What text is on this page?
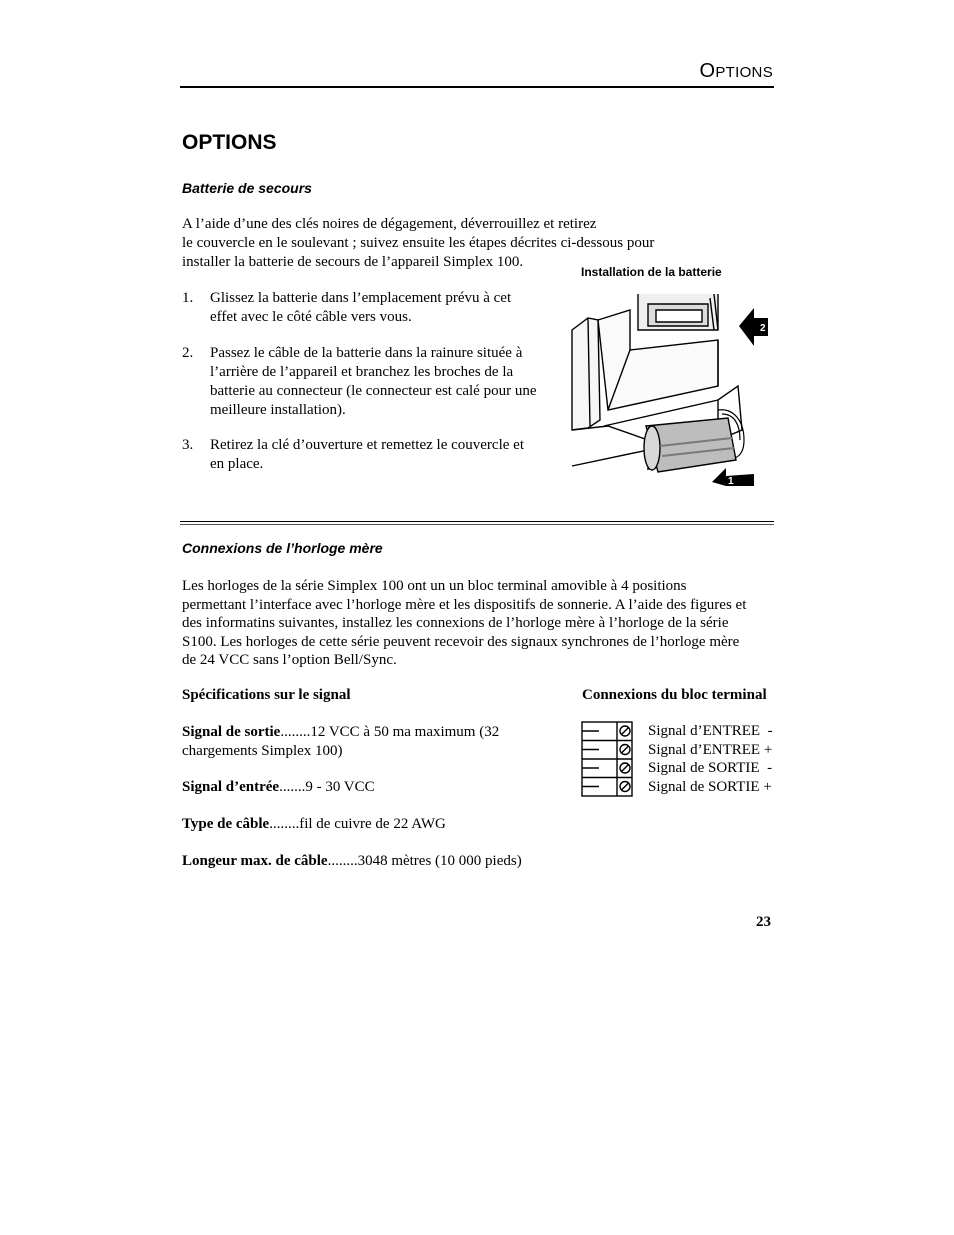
OPTIONS
OPTIONS
Batterie de secours
A l’aide d’une des clés noires de dégagement, déverrouillez et retirez
le couvercle en le soulevant ; suivez ensuite les étapes décrites ci-dessous pour
installer la batterie de secours de l’appareil Simplex 100.
1. Glissez la batterie dans l’emplacement prévu à cet
effet avec le côté câble vers vous.
2. Passez le câble de la batterie dans la rainure située à
l’arrière de l’appareil et branchez les broches de la
batterie au connecteur (le connecteur est calé pour une
meilleure installation).
3. Retirez la clé d’ouverture et remettez le couvercle et
en place.
Installation de la batterie
2
1
Connexions de l’horloge mère
Les horloges de la série Simplex 100 ont un un bloc terminal amovible à 4 positions
permettant l’interface avec l’horloge mère et les dispositifs de sonnerie. A l’aide des figures et
des informatins suivantes, installez les connexions de l’horloge mère à l’horloge de la série
S100. Les horloges de cette série peuvent recevoir des signaux synchrones de l’horloge mère
de 24 VCC sans l’option Bell/Sync.
Spécifications sur le signal	Connexions du bloc terminal
Signal de sortie........12 VCC à 50 ma maximum (32
chargements Simplex 100)
Signal d’entrée.......9 - 30 VCC
Type de câble........fil de cuivre de 22 AWG
Longeur max. de câble........3048 mètres (10 000 pieds)
Signal d’ENTREE  -
Signal d’ENTREE +
Signal de SORTIE  -
Signal de SORTIE +
23
